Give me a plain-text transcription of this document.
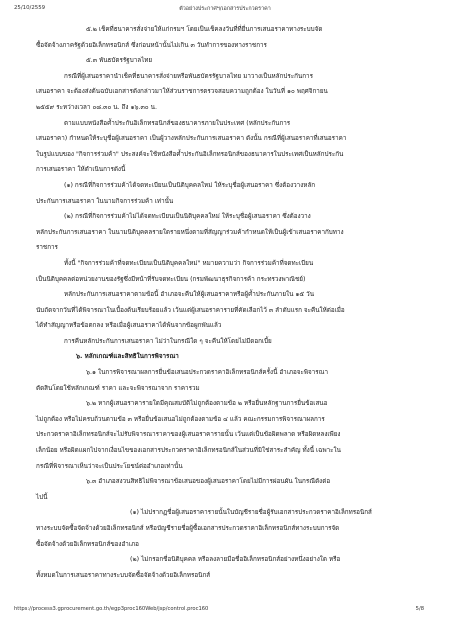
25/10/2559	ตัวอย่างประกาศฯ/เอกสารประกวดราคา

๕.๒ เช็คที่ธนาคารสั่งจ่ายให้แก่กรมฯ โดยเป็นเช็คลงวันที่ที่ยื่นการเสนอราคาทางระบบจัด

ซื้อจัดจ้างภาครัฐด้วยอิเล็กทรอนิกส์ ซึ่งก่อนหน้านั้นไม่เกิน ๓ วันทำการของทางราชการ

๕.๓ พันธบัตรรัฐบาลไทย

กรณีที่ผู้เสนอราคานำเช็คที่ธนาคารสั่งจ่ายหรือพันธบัตรรัฐบาลไทย มาวางเป็นหลักประกันการ

เสนอราคา จะต้องส่งต้นฉบับเอกสารดังกล่าวมาให้ส่วนราชการตรวจสอบความถูกต้อง ในวันที่ ๑๐ พฤศจิกายน

๒๕๕๙ ระหว่างเวลา ๐๘.๓๐ น. ถึง ๑๖.๓๐ น.

ตามแบบหนังสือค้ำประกันอิเล็กทรอนิกส์ของธนาคารภายในประเทศ (หลักประกันการ

เสนอราคา) กำหนดให้ระบุชื่อผู้เสนอราคา เป็นผู้วางหลักประกันการเสนอราคา ดังนั้น กรณีที่ผู้เสนอราคาที่เสนอราคา

ในรูปแบบของ "กิจการร่วมค้า" ประสงค์จะใช้หนังสือค้ำประกันอิเล็กทรอนิกส์ของธนาคารในประเทศเป็นหลักประกัน

การเสนอราคา ให้ดำเนินการดังนี้

(๑) กรณีที่กิจการร่วมค้าได้จดทะเบียนเป็นนิติบุคคลใหม่ ให้ระบุชื่อผู้เสนอราคา ซึ่งต้องวางหลัก

ประกันการเสนอราคา ในนามกิจการร่วมค้า เท่านั้น

(๒) กรณีที่กิจการร่วมค้าไม่ได้จดทะเบียนเป็นนิติบุคคลใหม่ ให้ระบุชื่อผู้เสนอราคา ซึ่งต้องวาง

หลักประกันการเสนอราคา ในนามนิติบุคคลรายใดรายหนึ่งตามที่สัญญาร่วมค้ากำหนดให้เป็นผู้เข้าเสนอราคากับทาง

ราชการ

ทั้งนี้ "กิจการร่วมค้าที่จดทะเบียนเป็นนิติบุคคลใหม่" หมายความว่า กิจการร่วมค้าที่จดทะเบียน

เป็นนิติบุคคลต่อหน่วยงานของรัฐซึ่งมีหน้าที่รับจดทะเบียน (กรมพัฒนาธุรกิจการค้า กระทรวงพาณิชย์)

หลักประกันการเสนอราคาตามข้อนี้ อำเภอจะคืนให้ผู้เสนอราคาหรือผู้ค้ำประกันภายใน ๑๕ วัน

นับถัดจากวันที่ได้พิจารณาในเบื้องต้นเรียบร้อยแล้ว เว้นแต่ผู้เสนอราคารายที่คัดเลือกไว้ ๓ ลำดับแรก จะคืนให้ต่อเมื่อ

ได้ทำสัญญาหรือข้อตกลง หรือเมื่อผู้เสนอราคาได้พ้นจากข้อผูกพันแล้ว

การคืนหลักประกันการเสนอราคา ไม่ว่าในกรณีใด ๆ จะคืนให้โดยไม่มีดอกเบี้ย

๖. หลักเกณฑ์และสิทธิในการพิจารณา

๖.๑ ในการพิจารณาผลการยื่นข้อเสนอประกวดราคาอิเล็กทรอนิกส์ครั้งนี้ อำเภอจะพิจารณา

ตัดสินโดยใช้หลักเกณฑ์ ราคา และจะพิจารณาจาก ราคารวม

๖.๒ หากผู้เสนอราคารายใดมีคุณสมบัติไม่ถูกต้องตามข้อ ๒ หรือยื่นหลักฐานการยื่นข้อเสนอ

ไม่ถูกต้อง หรือไม่ครบถ้วนตามข้อ ๓ หรือยื่นข้อเสนอไม่ถูกต้องตามข้อ ๔ แล้ว คณะกรรมการพิจารณาผลการ

ประกวดราคาอิเล็กทรอนิกส์จะไม่รับพิจารณาราคาของผู้เสนอราคารายนั้น เว้นแต่เป็นข้อผิดพลาด หรือผิดหลงเพียง

เล็กน้อย หรือผิดแผกไปจากเงื่อนไขของเอกสารประกวดราคาอิเล็กทรอนิกส์ในส่วนที่มิใช่สาระสำคัญ ทั้งนี้ เฉพาะใน

กรณีที่พิจารณาเห็นว่าจะเป็นประโยชน์ต่ออำเภอเท่านั้น

๖.๓ อำเภอสงวนสิทธิไม่พิจารณาข้อเสนอของผู้เสนอราคาโดยไม่มีการผ่อนผัน ในกรณีดังต่อ

ไปนี้

(๑) ไม่ปรากฏชื่อผู้เสนอราคารายนั้นในบัญชีรายชื่อผู้รับเอกสารประกวดราคาอิเล็กทรอนิกส์

ทางระบบจัดซื้อจัดจ้างด้วยอิเล็กทรอนิกส์ หรือบัญชีรายชื่อผู้ซื้อเอกสารประกวดราคาอิเล็กทรอนิกส์ทางระบบการจัด

ซื้อจัดจ้างด้วยอิเล็กทรอนิกส์ของอำเภอ

(๒) ไม่กรอกชื่อนิติบุคคล หรือลงลายมือชื่ออิเล็กทรอนิกส์อย่างหนึ่งอย่างใด หรือ

ทั้งหมดในการเสนอราคาทางระบบจัดซื้อจัดจ้างด้วยอิเล็กทรอนิกส์

https://process3.gprocurement.go.th/egp3proc160Web/jsp/control.proc160	5/8
